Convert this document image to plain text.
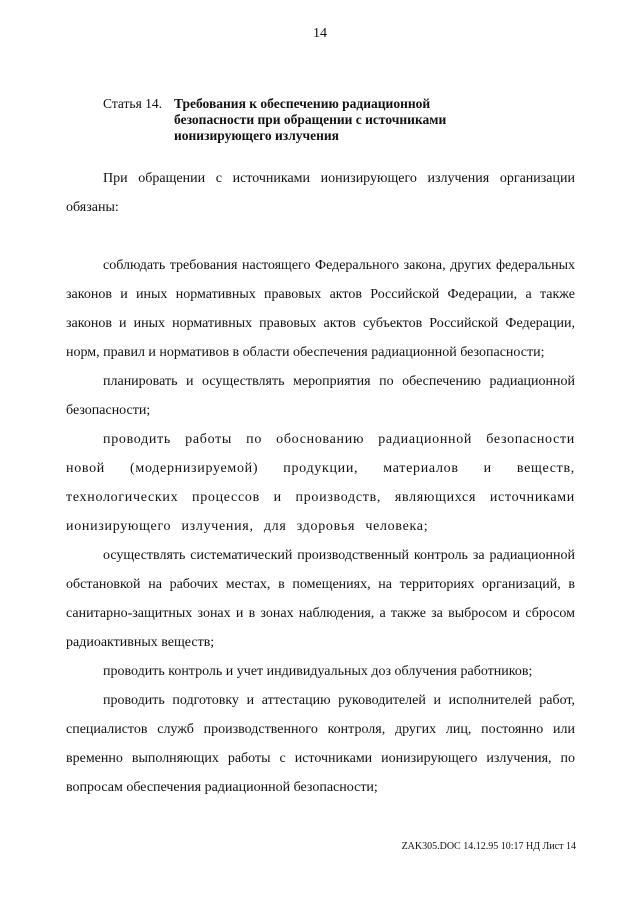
14
Статья 14. Требования к обеспечению радиационной
безопасности при обращении с источниками
ионизирующего излучения

При обращении с источниками ионизирующего излучения организации обязаны:

соблюдать требования настоящего Федерального закона, других федеральных законов и иных нормативных правовых актов Российской Федерации, а также законов и иных нормативных правовых актов субъектов Российской Федерации, норм, правил и нормативов в области обеспечения радиационной безопасности;

планировать и осуществлять мероприятия по обеспечению радиационной безопасности;

проводить работы по обоснованию радиационной безопасности новой (модернизируемой) продукции, материалов и веществ, технологических процессов и производств, являющихся источниками ионизирующего излучения, для здоровья человека;

осуществлять систематический производственный контроль за радиационной обстановкой на рабочих местах, в помещениях, на территориях организаций, в санитарно-защитных зонах и в зонах наблюдения, а также за выбросом и сбросом радиоактивных веществ;

проводить контроль и учет индивидуальных доз облучения работников;

проводить подготовку и аттестацию руководителей и исполнителей работ, специалистов служб производственного контроля, других лиц, постоянно или временно выполняющих работы с источниками ионизирующего излучения, по вопросам обеспечения радиационной безопасности;

ZAK305.DOC 14.12.95 10:17 НД Лист 14
